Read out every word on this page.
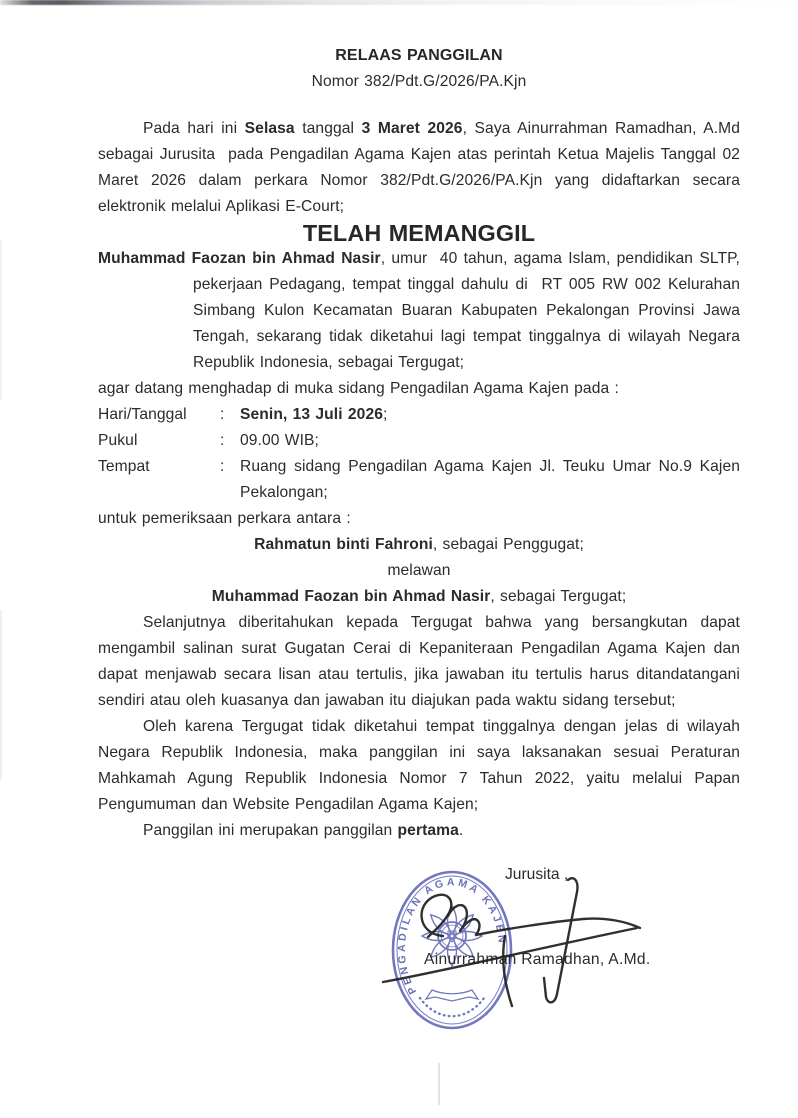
RELAAS PANGGILAN
Nomor 382/Pdt.G/2026/PA.Kjn

Pada hari ini Selasa tanggal 3 Maret 2026, Saya Ainurrahman Ramadhan, A.Md sebagai Jurusita  pada Pengadilan Agama Kajen atas perintah Ketua Majelis Tanggal 02 Maret 2026 dalam perkara Nomor 382/Pdt.G/2026/PA.Kjn yang didaftarkan secara elektronik melalui Aplikasi E-Court;

TELAH MEMANGGIL

Muhammad Faozan bin Ahmad Nasir, umur  40 tahun, agama Islam, pendidikan SLTP, pekerjaan Pedagang, tempat tinggal dahulu di  RT 005 RW 002 Kelurahan Simbang Kulon Kecamatan Buaran Kabupaten Pekalongan Provinsi Jawa Tengah, sekarang tidak diketahui lagi tempat tinggalnya di wilayah Negara Republik Indonesia, sebagai Tergugat;

agar datang menghadap di muka sidang Pengadilan Agama Kajen pada :

Hari/Tanggal	: Senin, 13 Juli 2026;
Pukul	: 09.00 WIB;
Tempat	: Ruang sidang Pengadilan Agama Kajen Jl. Teuku Umar No.9 Kajen Pekalongan;

untuk pemeriksaan perkara antara :

Rahmatun binti Fahroni, sebagai Penggugat;

melawan

Muhammad Faozan bin Ahmad Nasir, sebagai Tergugat;

Selanjutnya diberitahukan kepada Tergugat bahwa yang bersangkutan dapat mengambil salinan surat Gugatan Cerai di Kepaniteraan Pengadilan Agama Kajen dan dapat menjawab secara lisan atau tertulis, jika jawaban itu tertulis harus ditandatangani sendiri atau oleh kuasanya dan jawaban itu diajukan pada waktu sidang tersebut;

Oleh karena Tergugat tidak diketahui tempat tinggalnya dengan jelas di wilayah Negara Republik Indonesia, maka panggilan ini saya laksanakan sesuai Peraturan Mahkamah Agung Republik Indonesia Nomor 7 Tahun 2022, yaitu melalui Papan Pengumuman dan Website Pengadilan Agama Kajen;

Panggilan ini merupakan panggilan pertama.

Jurusita ,
PENGADILAN AGAMA KAJEN
Ainurrahman Ramadhan, A.Md.
